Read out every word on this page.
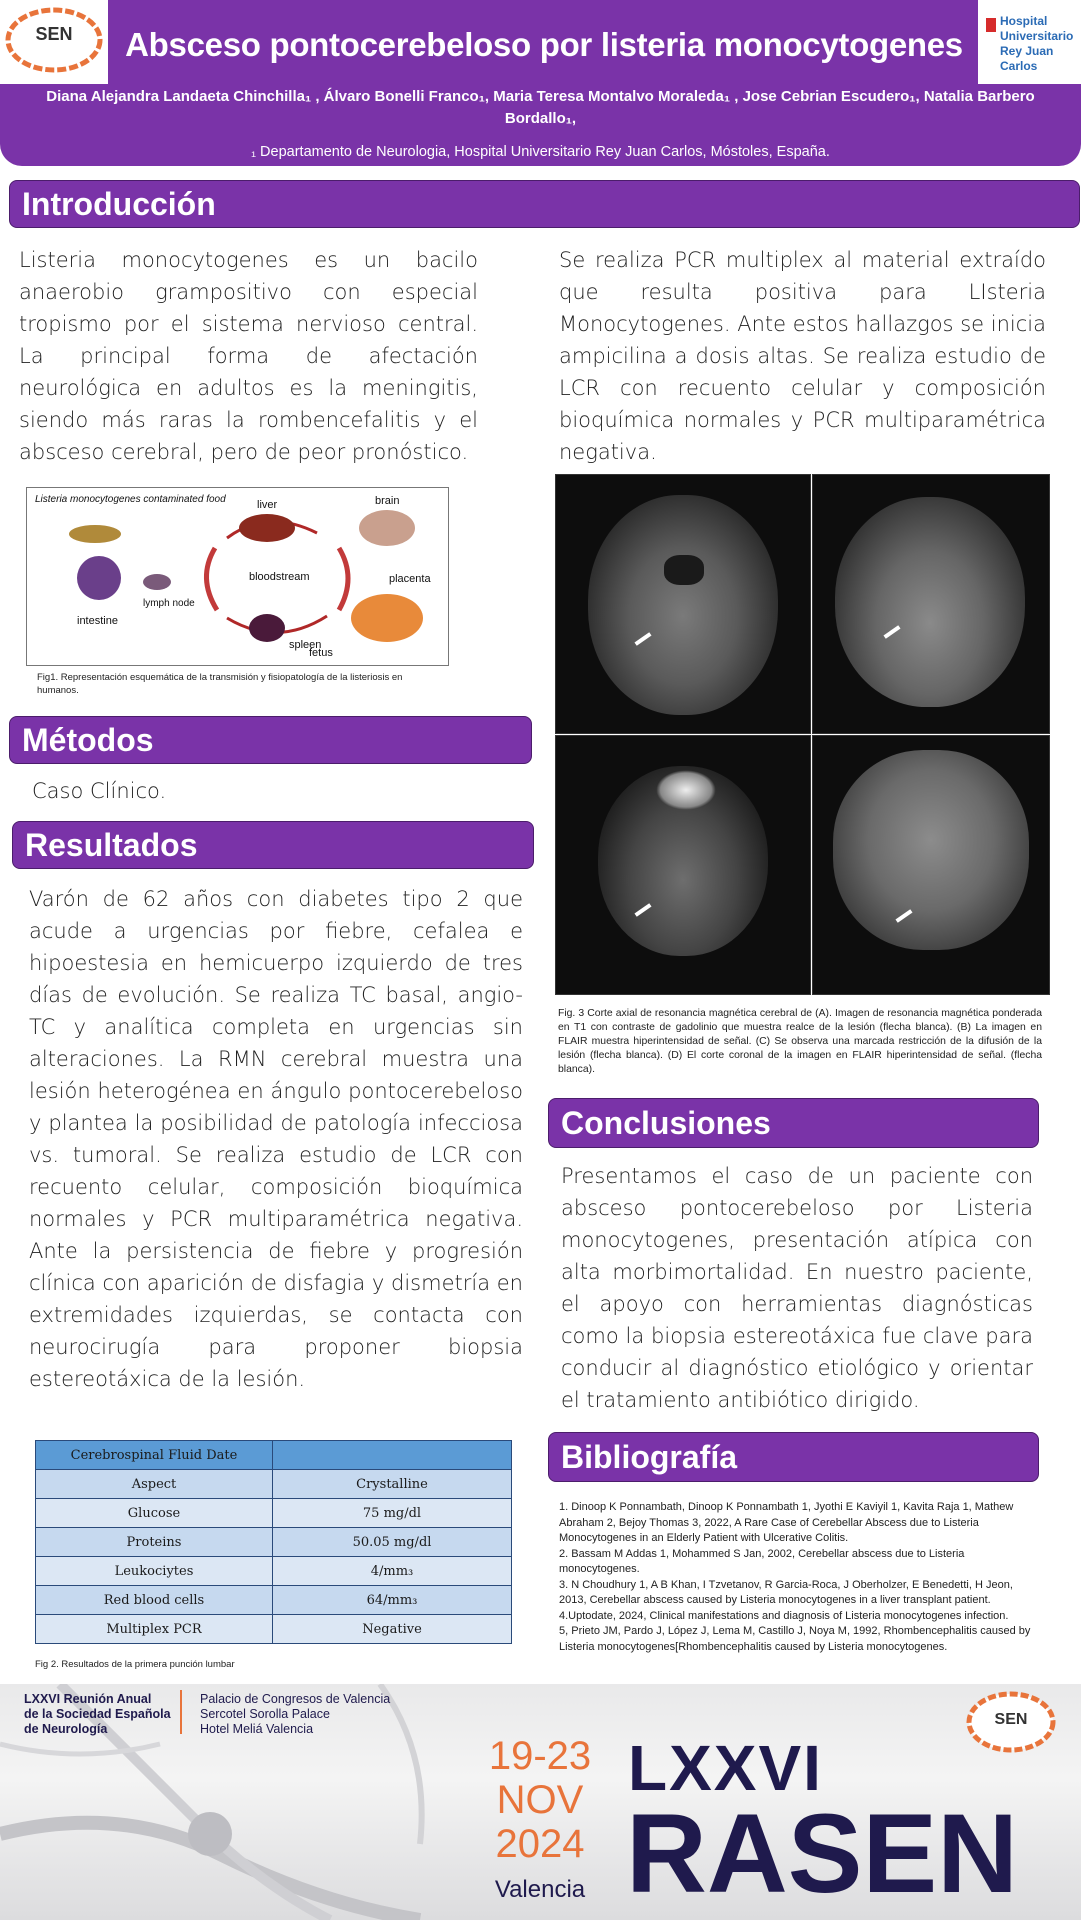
SEN
Hospital Universitario Rey Juan Carlos
Absceso pontocerebeloso por listeria monocytogenes
Diana Alejandra Landaeta Chinchilla₁ , Álvaro Bonelli Franco₁, Maria Teresa Montalvo Moraleda₁ , Jose Cebrian Escudero₁, Natalia Barbero Bordallo₁,
₁ Departamento de Neurologia, Hospital Universitario Rey Juan Carlos, Móstoles, España.
Introducción
Listeria monocytogenes es un bacilo anaerobio grampositivo con especial tropismo por el sistema nervioso central. La principal forma de afectación neurológica en adultos es la meningitis, siendo más raras la rombencefalitis y el absceso cerebral, pero de peor pronóstico.
Listeria monocytogenes contaminated food	liver	brain
bloodstream
lymph node
placenta
intestine
spleen
fetus
Fig1. Representación esquemática de la transmisión y fisiopatología de la listeriosis en humanos.
Métodos
Caso Clínico.
Resultados
Varón de 62 años con diabetes tipo 2 que acude a urgencias por fiebre, cefalea e hipoestesia en hemicuerpo izquierdo de tres días de evolución. Se realiza TC basal, angio-TC y analítica completa en urgencias sin alteraciones. La RMN cerebral muestra una lesión heterogénea en ángulo pontocerebeloso y plantea la posibilidad de patología infecciosa vs. tumoral. Se realiza estudio de LCR con recuento celular, composición bioquímica normales y PCR multiparamétrica negativa. Ante la persistencia de fiebre y progresión clínica con aparición de disfagia y dismetría en extremidades izquierdas, se contacta con neurocirugía para proponer biopsia estereotáxica de la lesión.
Cerebrospinal Fluid Date	
Aspect	Crystalline
Glucose	75 mg/dl
Proteins	50.05 mg/dl
Leukociytes	4/mm₃
Red blood cells	64/mm₃
Multiplex PCR	Negative
Fig 2. Resultados de la primera punción lumbar
Se realiza PCR multiplex al material extraído que resulta positiva para LIsteria Monocytogenes. Ante estos hallazgos se inicia ampicilina a dosis altas. Se realiza estudio de LCR con recuento celular y composición bioquímica normales y PCR multiparamétrica negativa.
Fig. 3 Corte axial de resonancia magnética cerebral de (A). Imagen de resonancia magnética ponderada en T1 con contraste de gadolinio que muestra realce de la lesión (flecha blanca). (B) La imagen en FLAIR muestra hiperintensidad de señal. (C) Se observa una marcada restricción de la difusión de la lesión (flecha blanca). (D) El corte coronal de la imagen en FLAIR hiperintensidad de señal. (flecha blanca).
Conclusiones
Presentamos el caso de un paciente con absceso pontocerebeloso por Listeria monocytogenes, presentación atípica con alta morbimortalidad. En nuestro paciente, el apoyo con herramientas diagnósticas como la biopsia estereotáxica fue clave para conducir al diagnóstico etiológico y orientar el tratamiento antibiótico dirigido.
Bibliografía
1. Dinoop K Ponnambath, Dinoop K Ponnambath 1, Jyothi E Kaviyil 1, Kavita Raja 1, Mathew Abraham 2, Bejoy Thomas 3, 2022, A Rare Case of Cerebellar Abscess due to Listeria Monocytogenes in an Elderly Patient with Ulcerative Colitis.
2. Bassam M Addas 1, Mohammed S Jan, 2002, Cerebellar abscess due to Listeria monocytogenes.
3. N Choudhury 1, A B Khan, I Tzvetanov, R Garcia-Roca, J Oberholzer, E Benedetti, H Jeon, 2013, Cerebellar abscess caused by Listeria monocytogenes in a liver transplant patient.
4.Uptodate, 2024, Clinical manifestations and diagnosis of Listeria monocytogenes infection.
5, Prieto JM, Pardo J, López J, Lema M, Castillo J, Noya M, 1992, Rhombencephalitis caused by Listeria monocytogenes[Rhombencephalitis caused by Listeria monocytogenes.
LXXVI Reunión Anual
de la Sociedad Española
de Neurología
Palacio de Congresos de Valencia
Sercotel Sorolla Palace
Hotel Meliá Valencia
19-23
NOV
2024
Valencia
LXXVI
RASEN
SEN
